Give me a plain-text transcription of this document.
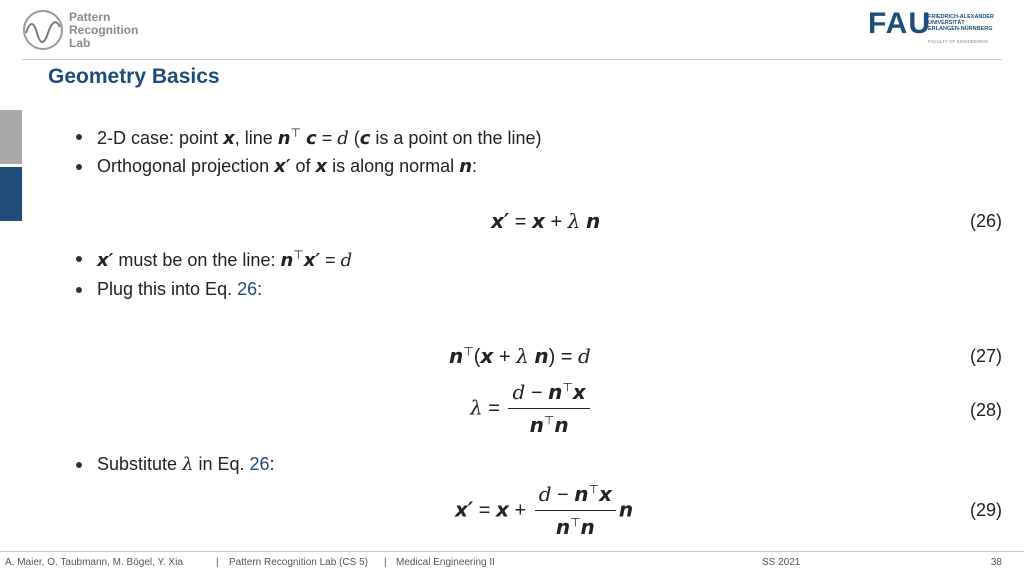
Pattern
Recognition
Lab
FAU
FRIEDRICH-ALEXANDER
UNIVERSITÄT
ERLANGEN-NÜRNBERG
FACULTY OF ENGINEERING
Geometry Basics
2-D case: point x, line n⊤ c = d (c is a point on the line)
Orthogonal projection x′ of x is along normal n:
x′ = x + λ n	(26)
x′ must be on the line: n⊤x′ = d
Plug this into Eq. 26:
n⊤(x + λ n) = d	(27)
$\lambda = \frac{d - n^⊤x}{n^⊤n}$	(28)
Substitute λ in Eq. 26:
$x' = x + \frac{d - n^⊤x}{n^⊤n}$ n	(29)
A. Maier, O. Taubmann, M. Bögel, Y. Xia	| Pattern Recognition Lab (CS 5) | Medical Engineering II	SS 2021	38
